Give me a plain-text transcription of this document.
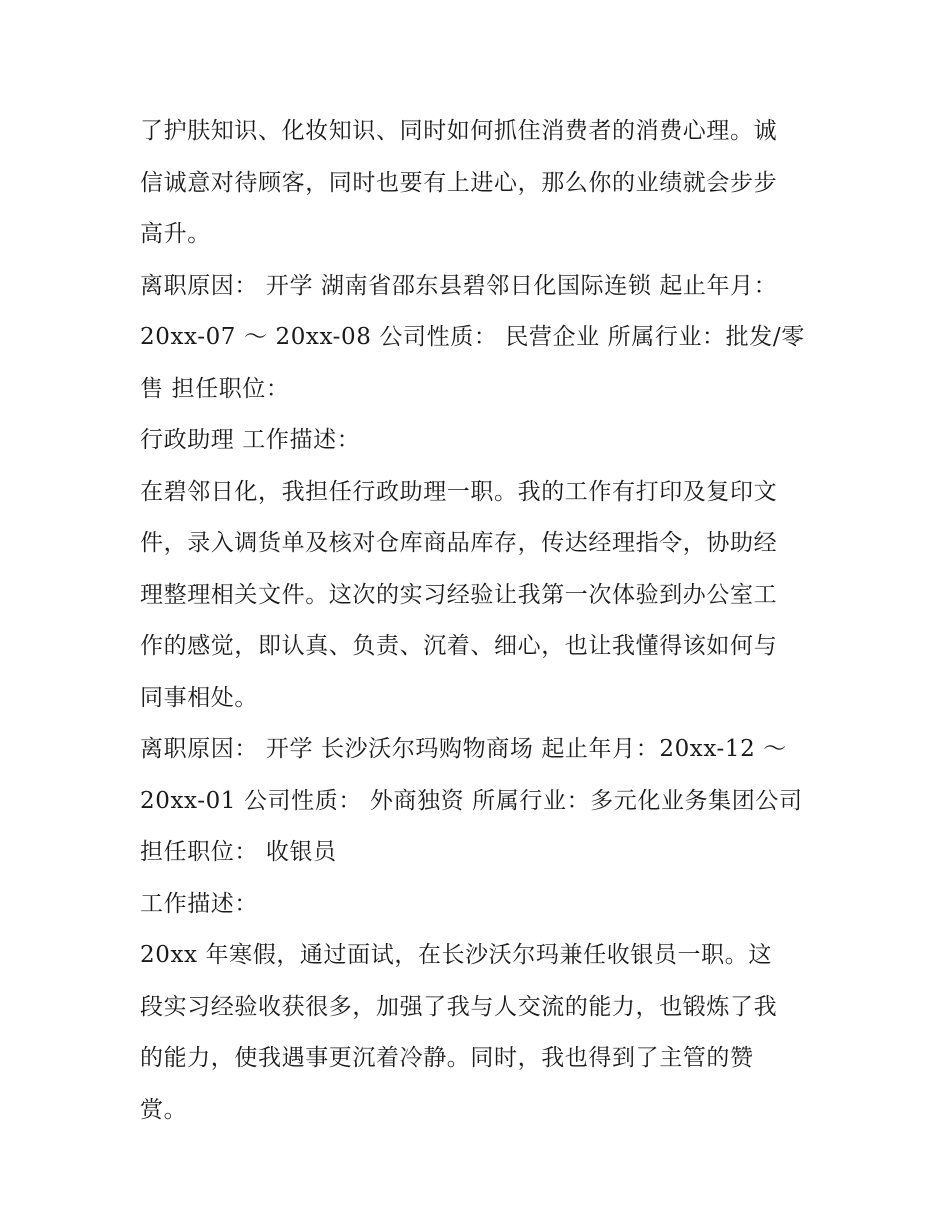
了护肤知识、化妆知识、同时如何抓住消费者的消费心理。诚
信诚意对待顾客，同时也要有上进心，那么你的业绩就会步步
高升。
离职原因： 开学 湖南省邵东县碧邻日化国际连锁 起止年月：
20xx-07 ～ 20xx-08 公司性质： 民营企业 所属行业：批发/零
售 担任职位：
行政助理 工作描述：
在碧邻日化，我担任行政助理一职。我的工作有打印及复印文
件，录入调货单及核对仓库商品库存，传达经理指令，协助经
理整理相关文件。这次的实习经验让我第一次体验到办公室工
作的感觉，即认真、负责、沉着、细心，也让我懂得该如何与
同事相处。
离职原因： 开学 长沙沃尔玛购物商场 起止年月：20xx-12 ～
20xx-01 公司性质： 外商独资 所属行业：多元化业务集团公司
担任职位： 收银员
工作描述：
20xx 年寒假，通过面试，在长沙沃尔玛兼任收银员一职。这
段实习经验收获很多，加强了我与人交流的能力，也锻炼了我
的能力，使我遇事更沉着冷静。同时，我也得到了主管的赞
赏。
